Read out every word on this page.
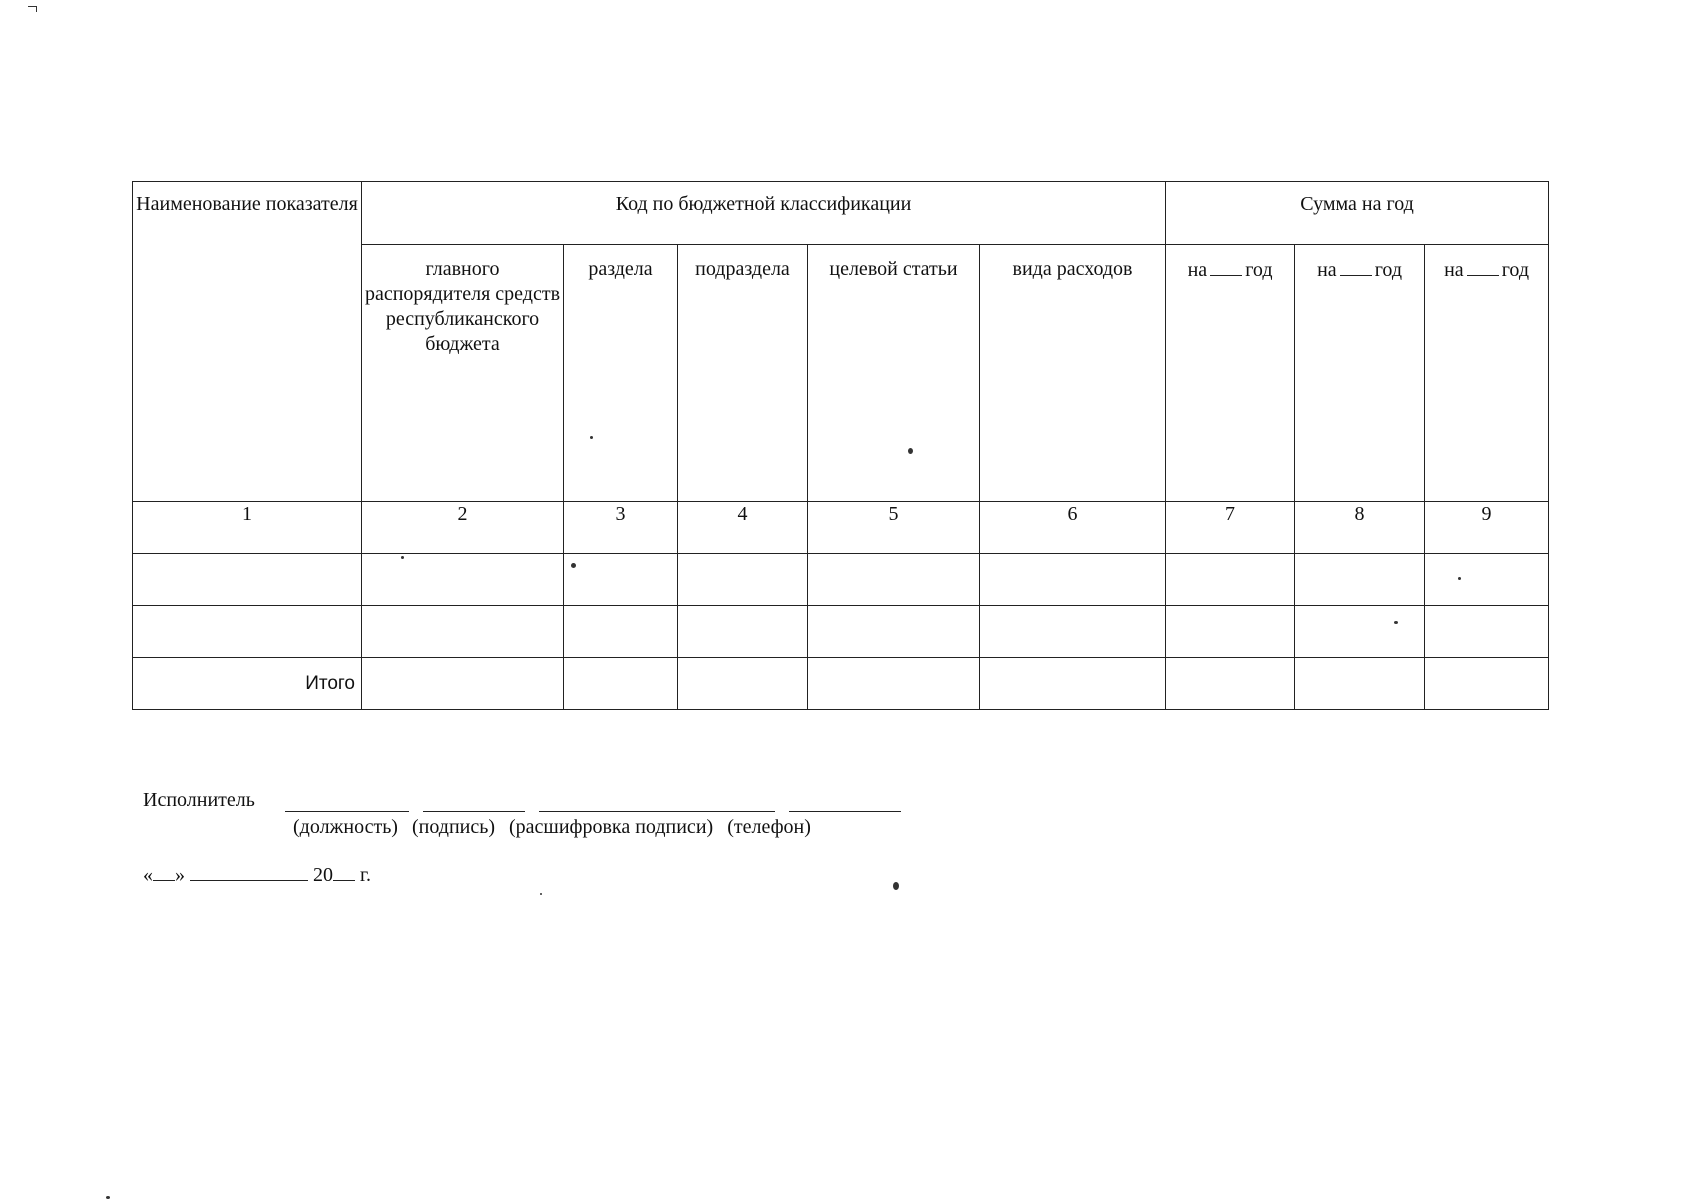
Наименование показателя	Код по бюджетной классификации					Сумма на год		

	главного распорядителя средств республиканского бюджета	раздела	подраздела	целевой статьи	вида расходов	на год	на год	на год

1	2	3	4	5	6	7	8	9

Итого								
Исполнитель
(должность) (подпись) (расшифровка подписи) (телефон)
« »	20 г.
